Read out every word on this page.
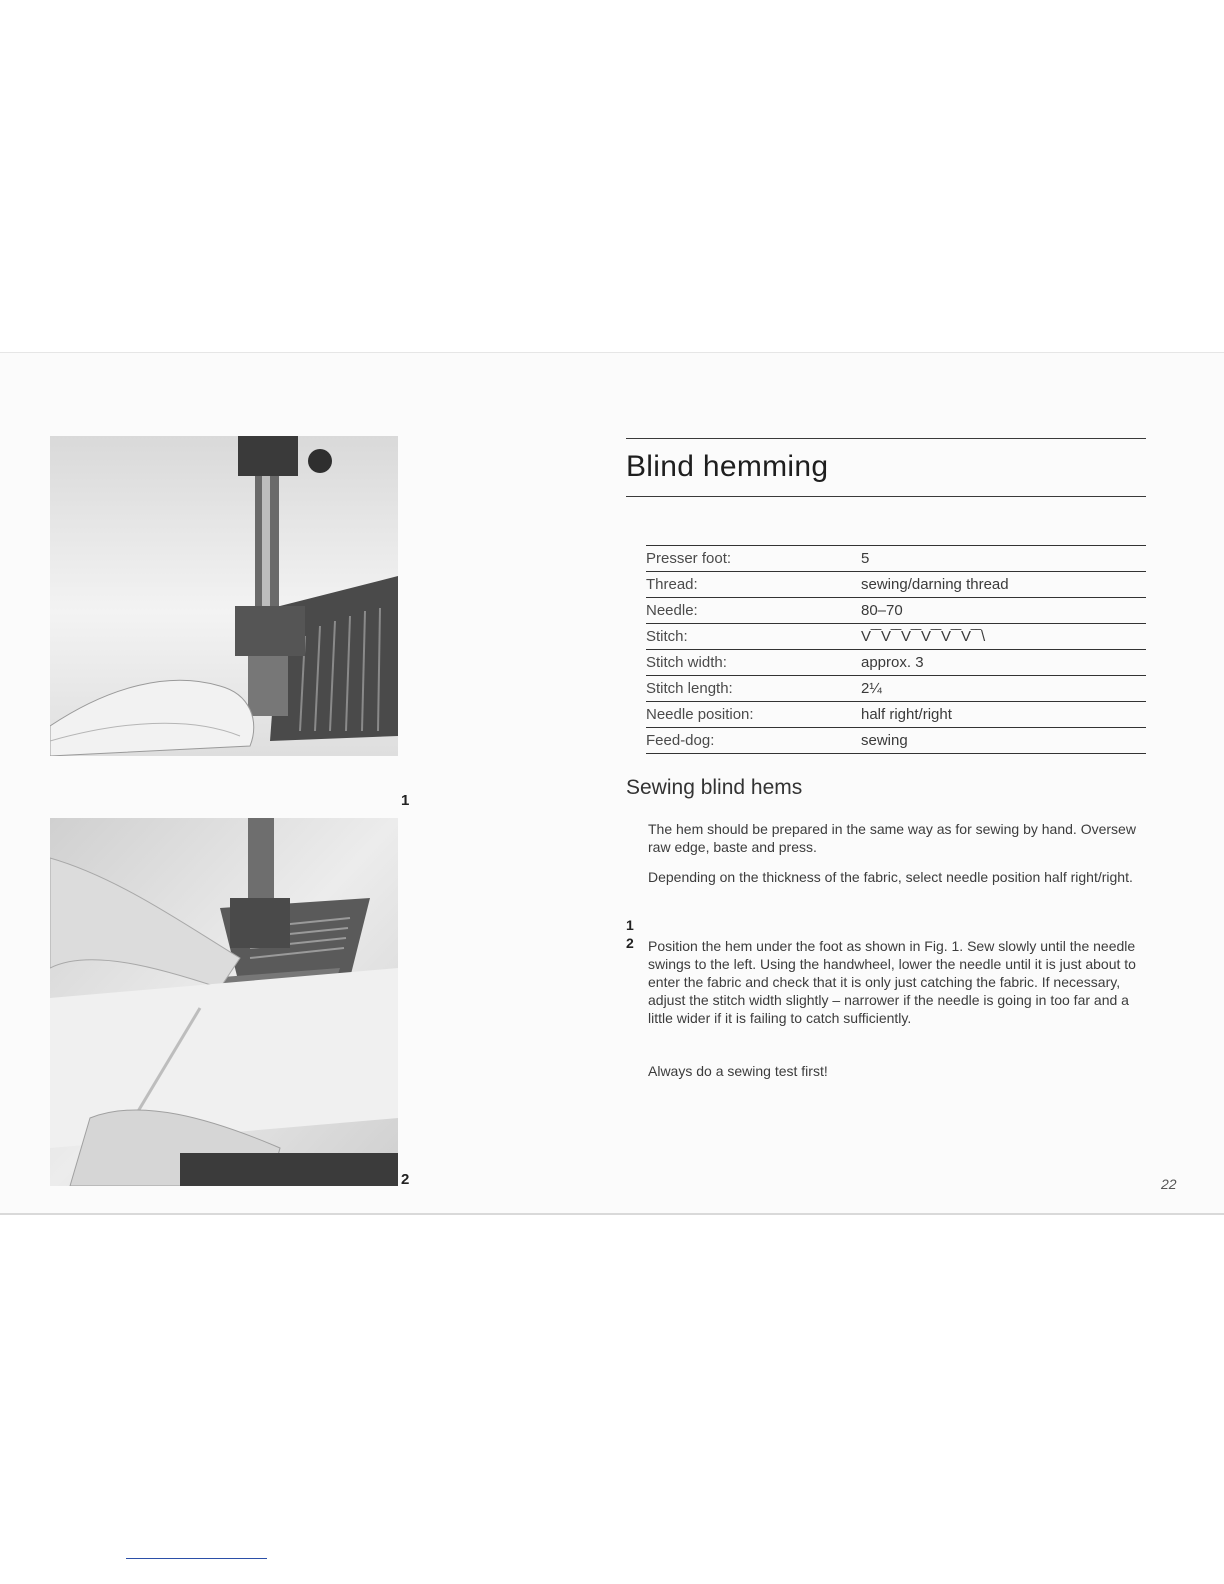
1
2
Blind hemming
Presser foot:	5
Thread:	sewing/darning thread
Needle:	80–70
Stitch:	V‾‾V‾‾V‾‾V‾‾V‾‾V‾‾\
Stitch width:	approx. 3
Stitch length:	2¼
Needle position:	half right/right
Feed-dog:	sewing
Sewing blind hems

The hem should be prepared in the same way as for sewing by hand. Oversew raw edge, baste and press.

Depending on the thickness of the fabric, select needle position half right/right.

1
2 Position the hem under the foot as shown in Fig. 1. Sew slowly until the needle swings to the left. Using the handwheel, lower the needle until it is just about to enter the fabric and check that it is only just catching the fabric. If necessary, adjust the stitch width slightly – narrower if the needle is going in too far and a little wider if it is failing to catch sufficiently.

Always do a sewing test first!

22
